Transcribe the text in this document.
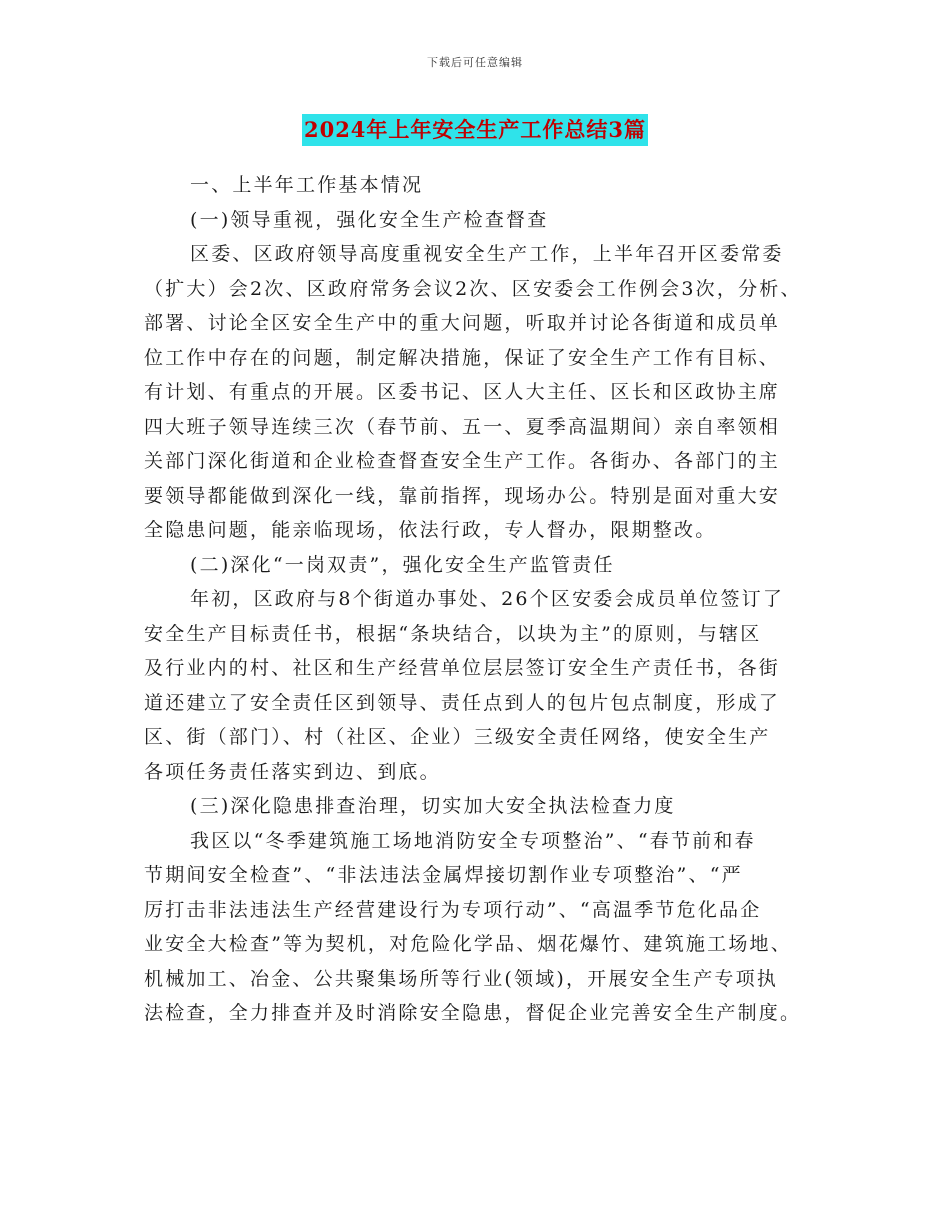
下载后可任意编辑
2024年上年安全生产工作总结3篇

一、上半年工作基本情况

(一)领导重视，强化安全生产检查督查

区委、区政府领导高度重视安全生产工作，上半年召开区委常委

（扩大）会2次、区政府常务会议2次、区安委会工作例会3次，分析、

部署、讨论全区安全生产中的重大问题，听取并讨论各街道和成员单

位工作中存在的问题，制定解决措施，保证了安全生产工作有目标、

有计划、有重点的开展。区委书记、区人大主任、区长和区政协主席

四大班子领导连续三次（春节前、五一、夏季高温期间）亲自率领相

关部门深化街道和企业检查督查安全生产工作。各街办、各部门的主

要领导都能做到深化一线，靠前指挥，现场办公。特别是面对重大安

全隐患问题，能亲临现场，依法行政，专人督办，限期整改。

(二)深化“一岗双责”，强化安全生产监管责任

年初，区政府与8个街道办事处、26个区安委会成员单位签订了

安全生产目标责任书，根据“条块结合，以块为主”的原则，与辖区

及行业内的村、社区和生产经营单位层层签订安全生产责任书，各街

道还建立了安全责任区到领导、责任点到人的包片包点制度，形成了

区、街（部门）、村（社区、企业）三级安全责任网络，使安全生产

各项任务责任落实到边、到底。

(三)深化隐患排查治理，切实加大安全执法检查力度

我区以“冬季建筑施工场地消防安全专项整治”、“春节前和春

节期间安全检查”、“非法违法金属焊接切割作业专项整治”、“严

厉打击非法违法生产经营建设行为专项行动”、“高温季节危化品企

业安全大检查”等为契机，对危险化学品、烟花爆竹、建筑施工场地、

机械加工、冶金、公共聚集场所等行业(领域)，开展安全生产专项执

法检查，全力排查并及时消除安全隐患，督促企业完善安全生产制度。
